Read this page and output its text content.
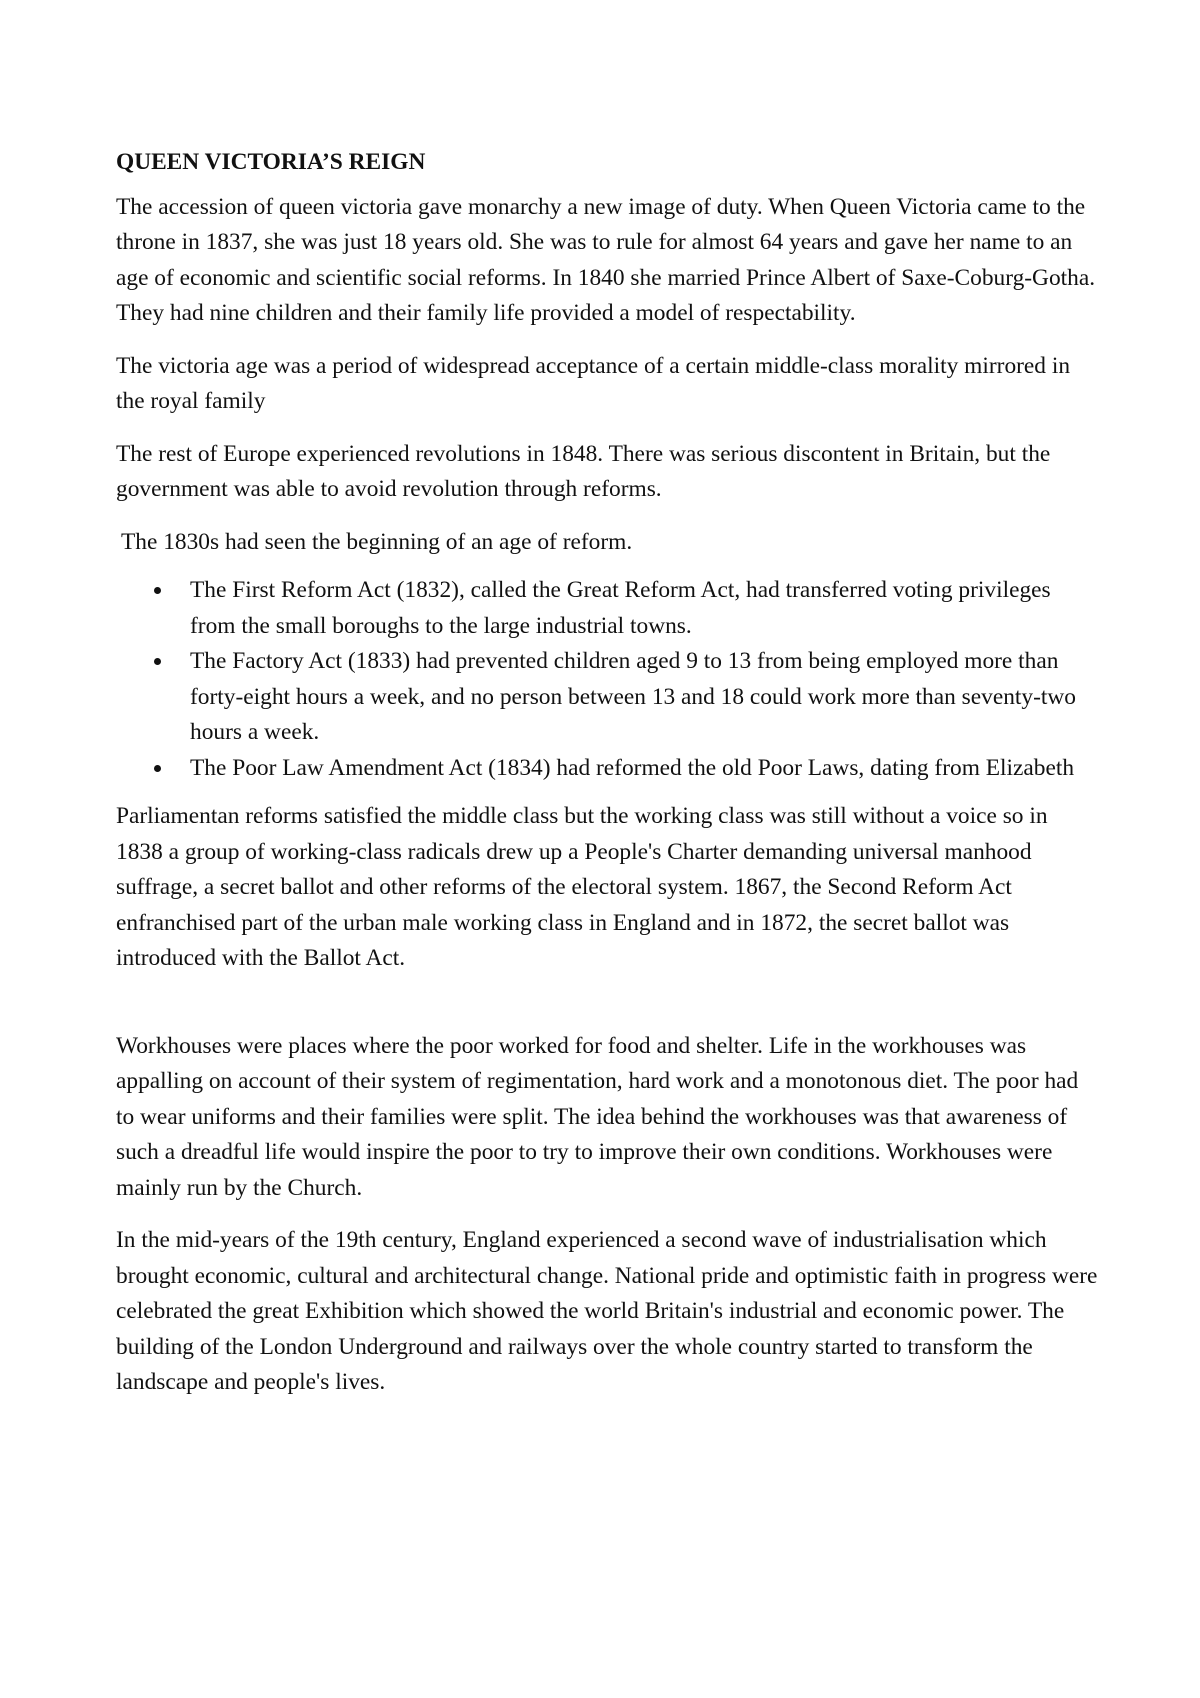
QUEEN VICTORIA’S REIGN

The accession of queen victoria gave monarchy a new image of duty. When Queen Victoria came to the throne in 1837, she was just 18 years old. She was to rule for almost 64 years and gave her name to an age of economic and scientific social reforms. In 1840 she married Prince Albert of Saxe-Coburg-Gotha. They had nine children and their family life provided a model of respectability.

The victoria age was a period of widespread acceptance of a certain middle-class morality mirrored in the royal family

The rest of Europe experienced revolutions in 1848. There was serious discontent in Britain, but the government was able to avoid revolution through reforms.

The 1830s had seen the beginning of an age of reform.

The First Reform Act (1832), called the Great Reform Act, had transferred voting privileges from the small boroughs to the large industrial towns.
The Factory Act (1833) had prevented children aged 9 to 13 from being employed more than forty-eight hours a week, and no person between 13 and 18 could work more than seventy-two hours a week.
The Poor Law Amendment Act (1834) had reformed the old Poor Laws, dating from Elizabeth

Parliamentan reforms satisfied the middle class but the working class was still without a voice so in 1838 a group of working-class radicals drew up a People's Charter demanding universal manhood suffrage, a secret ballot and other reforms of the electoral system. 1867, the Second Reform Act enfranchised part of the urban male working class in England and in 1872, the secret ballot was introduced with the Ballot Act.

Workhouses were places where the poor worked for food and shelter. Life in the workhouses was appalling on account of their system of regimentation, hard work and a monotonous diet. The poor had to wear uniforms and their families were split. The idea behind the workhouses was that awareness of such a dreadful life would inspire the poor to try to improve their own conditions. Workhouses were mainly run by the Church.

In the mid-years of the 19th century, England experienced a second wave of industrialisation which brought economic, cultural and architectural change. National pride and optimistic faith in progress were celebrated the great Exhibition which showed the world Britain's industrial and economic power. The building of the London Underground and railways over the whole country started to transform the landscape and people's lives.
